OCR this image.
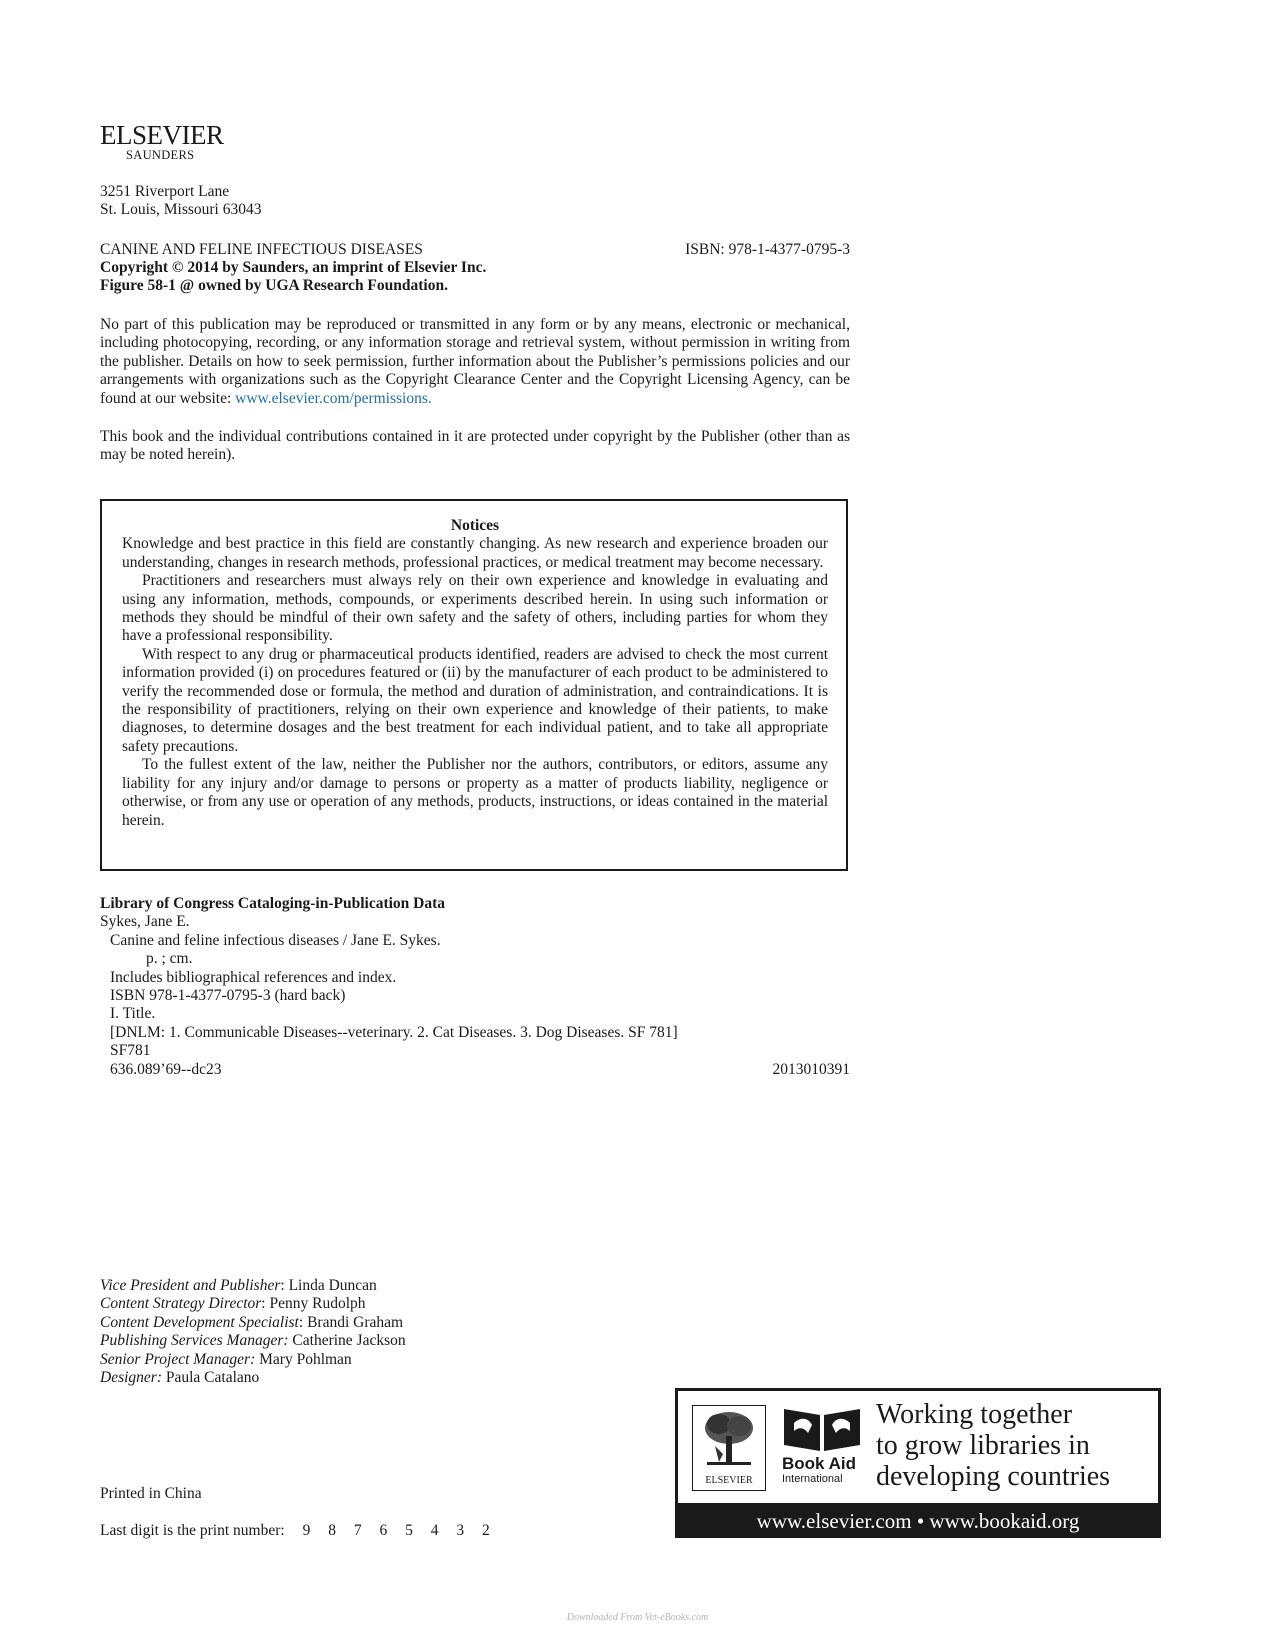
ELSEVIER
SAUNDERS
3251 Riverport Lane
St. Louis, Missouri 63043
CANINE AND FELINE INFECTIOUS DISEASES	ISBN: 978-1-4377-0795-3
Copyright © 2014 by Saunders, an imprint of Elsevier Inc.
Figure 58-1 @ owned by UGA Research Foundation.
No part of this publication may be reproduced or transmitted in any form or by any means, electronic or mechanical, including photocopying, recording, or any information storage and retrieval system, without permission in writing from the publisher. Details on how to seek permission, further information about the Publisher’s permissions policies and our arrangements with organizations such as the Copyright Clearance Center and the Copyright Licensing Agency, can be found at our website: www.elsevier.com/permissions.
This book and the individual contributions contained in it are protected under copyright by the Publisher (other than as may be noted herein).
Notices
Knowledge and best practice in this field are constantly changing. As new research and experience broaden our understanding, changes in research methods, professional practices, or medical treatment may become necessary.
Practitioners and researchers must always rely on their own experience and knowledge in evaluating and using any information, methods, compounds, or experiments described herein. In using such information or methods they should be mindful of their own safety and the safety of others, including parties for whom they have a professional responsibility.
With respect to any drug or pharmaceutical products identified, readers are advised to check the most current information provided (i) on procedures featured or (ii) by the manufacturer of each product to be administered to verify the recommended dose or formula, the method and duration of administration, and contraindications. It is the responsibility of practitioners, relying on their own experience and knowledge of their patients, to make diagnoses, to determine dosages and the best treatment for each individual patient, and to take all appropriate safety precautions.
To the fullest extent of the law, neither the Publisher nor the authors, contributors, or editors, assume any liability for any injury and/or damage to persons or property as a matter of products liability, negligence or otherwise, or from any use or operation of any methods, products, instructions, or ideas contained in the material herein.
Library of Congress Cataloging-in-Publication Data
Sykes, Jane E.
Canine and feline infectious diseases / Jane E. Sykes.
p. ; cm.
Includes bibliographical references and index.
ISBN 978-1-4377-0795-3 (hard back)
I. Title.
[DNLM: 1. Communicable Diseases--veterinary. 2. Cat Diseases. 3. Dog Diseases. SF 781]
SF781
636.089’69--dc23	2013010391
Vice President and Publisher: Linda Duncan
Content Strategy Director: Penny Rudolph
Content Development Specialist: Brandi Graham
Publishing Services Manager: Catherine Jackson
Senior Project Manager: Mary Pohlman
Designer: Paula Catalano
Printed in China
Last digit is the print number: 9 8 7 6 5 4 3 2
ELSEVIER
Book Aid
International
Working together
to grow libraries in
developing countries
www.elsevier.com • www.bookaid.org
Downloaded From Vet-eBooks.com
